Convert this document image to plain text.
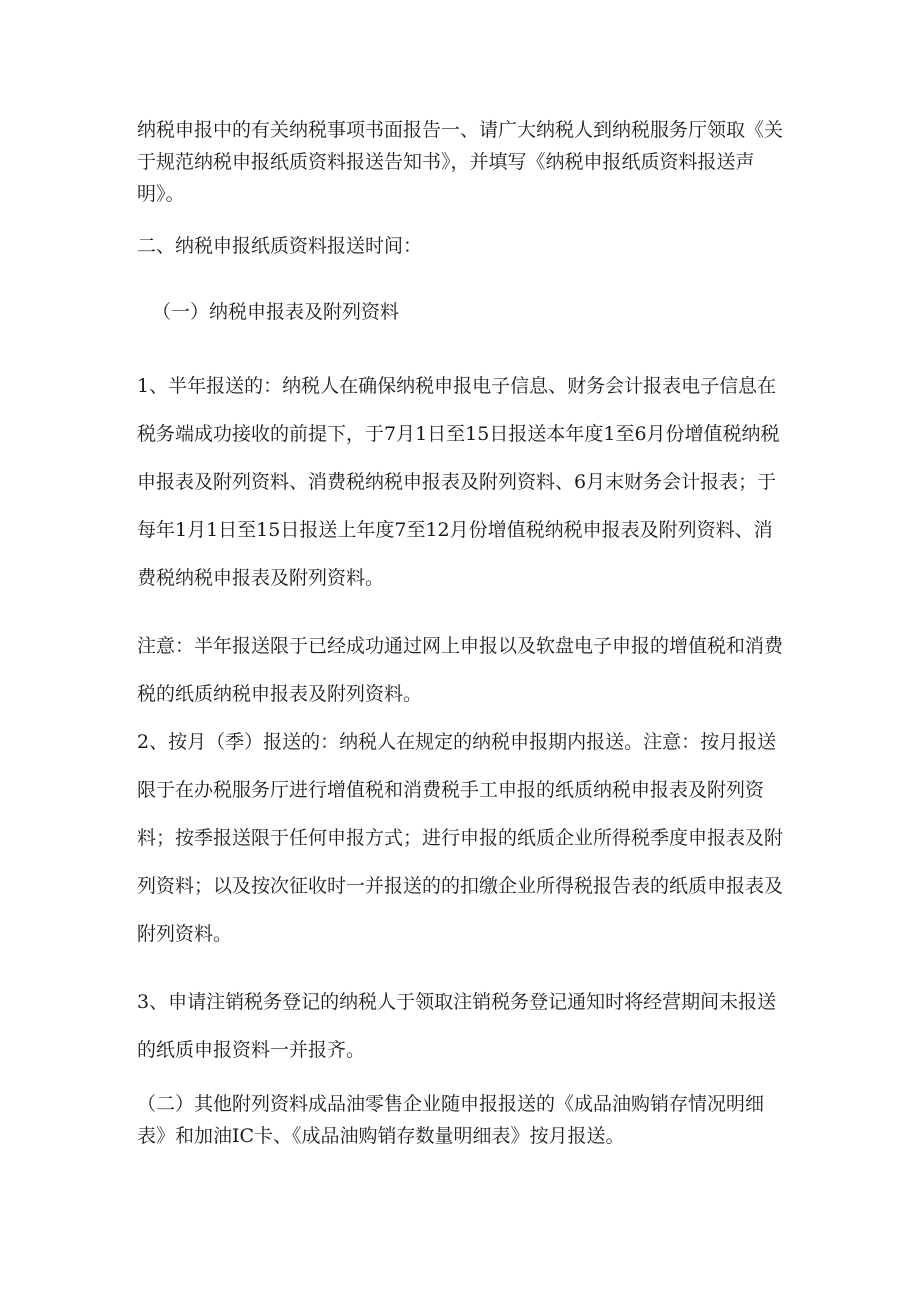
纳税申报中的有关纳税事项书面报告一、请广大纳税人到纳税服务厅领取《关于规范纳税申报纸质资料报送告知书》，并填写《纳税申报纸质资料报送声明》。

二、纳税申报纸质资料报送时间：

（一）纳税申报表及附列资料

1、半年报送的：纳税人在确保纳税申报电子信息、财务会计报表电子信息在税务端成功接收的前提下，于7月1日至15日报送本年度1至6月份增值税纳税申报表及附列资料、消费税纳税申报表及附列资料、6月末财务会计报表；于每年1月1日至15日报送上年度7至12月份增值税纳税申报表及附列资料、消费税纳税申报表及附列资料。

注意：半年报送限于已经成功通过网上申报以及软盘电子申报的增值税和消费税的纸质纳税申报表及附列资料。

2、按月（季）报送的：纳税人在规定的纳税申报期内报送。注意：按月报送限于在办税服务厅进行增值税和消费税手工申报的纸质纳税申报表及附列资料；按季报送限于任何申报方式；进行申报的纸质企业所得税季度申报表及附列资料；以及按次征收时一并报送的的扣缴企业所得税报告表的纸质申报表及附列资料。

3、申请注销税务登记的纳税人于领取注销税务登记通知时将经营期间未报送的纸质申报资料一并报齐。

（二）其他附列资料成品油零售企业随申报报送的《成品油购销存情况明细表》和加油IC卡、《成品油购销存数量明细表》按月报送。
